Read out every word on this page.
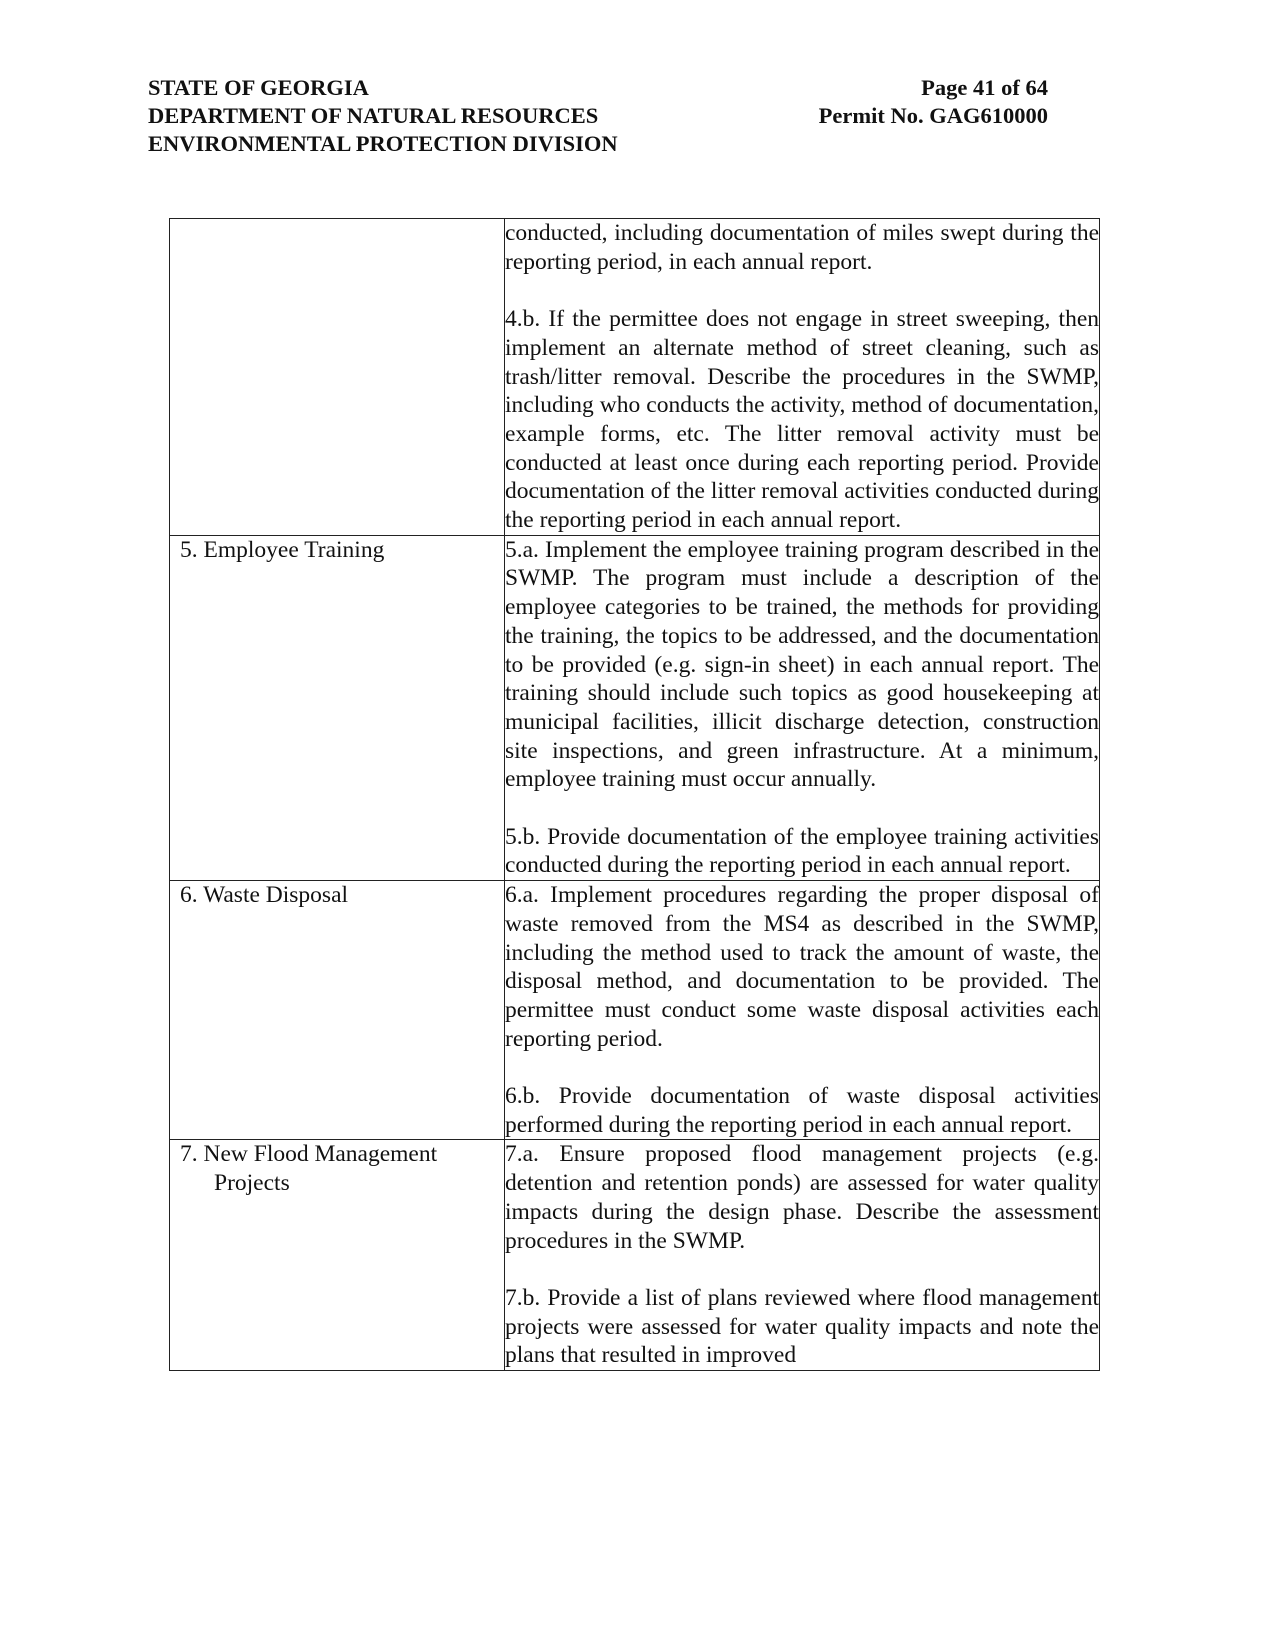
STATE OF GEORGIA
DEPARTMENT OF NATURAL RESOURCES
ENVIRONMENTAL PROTECTION DIVISION
Page 41 of 64
Permit No. GAG610000

	conducted, including documentation of miles swept during the reporting period, in each annual report.

4.b. If the permittee does not engage in street sweeping, then implement an alternate method of street cleaning, such as trash/litter removal. Describe the procedures in the SWMP, including who conducts the activity, method of documentation, example forms, etc. The litter removal activity must be conducted at least once during each reporting period. Provide documentation of the litter removal activities conducted during the reporting period in each annual report.

5. Employee Training	5.a. Implement the employee training program described in the SWMP. The program must include a description of the employee categories to be trained, the methods for providing the training, the topics to be addressed, and the documentation to be provided (e.g. sign-in sheet) in each annual report. The training should include such topics as good housekeeping at municipal facilities, illicit discharge detection, construction site inspections, and green infrastructure. At a minimum, employee training must occur annually.

5.b. Provide documentation of the employee training activities conducted during the reporting period in each annual report.

6. Waste Disposal	6.a. Implement procedures regarding the proper disposal of waste removed from the MS4 as described in the SWMP, including the method used to track the amount of waste, the disposal method, and documentation to be provided. The permittee must conduct some waste disposal activities each reporting period.

6.b. Provide documentation of waste disposal activities performed during the reporting period in each annual report.

7. New Flood Management Projects	7.a. Ensure proposed flood management projects (e.g. detention and retention ponds) are assessed for water quality impacts during the design phase. Describe the assessment procedures in the SWMP.

7.b. Provide a list of plans reviewed where flood management projects were assessed for water quality impacts and note the plans that resulted in improved
